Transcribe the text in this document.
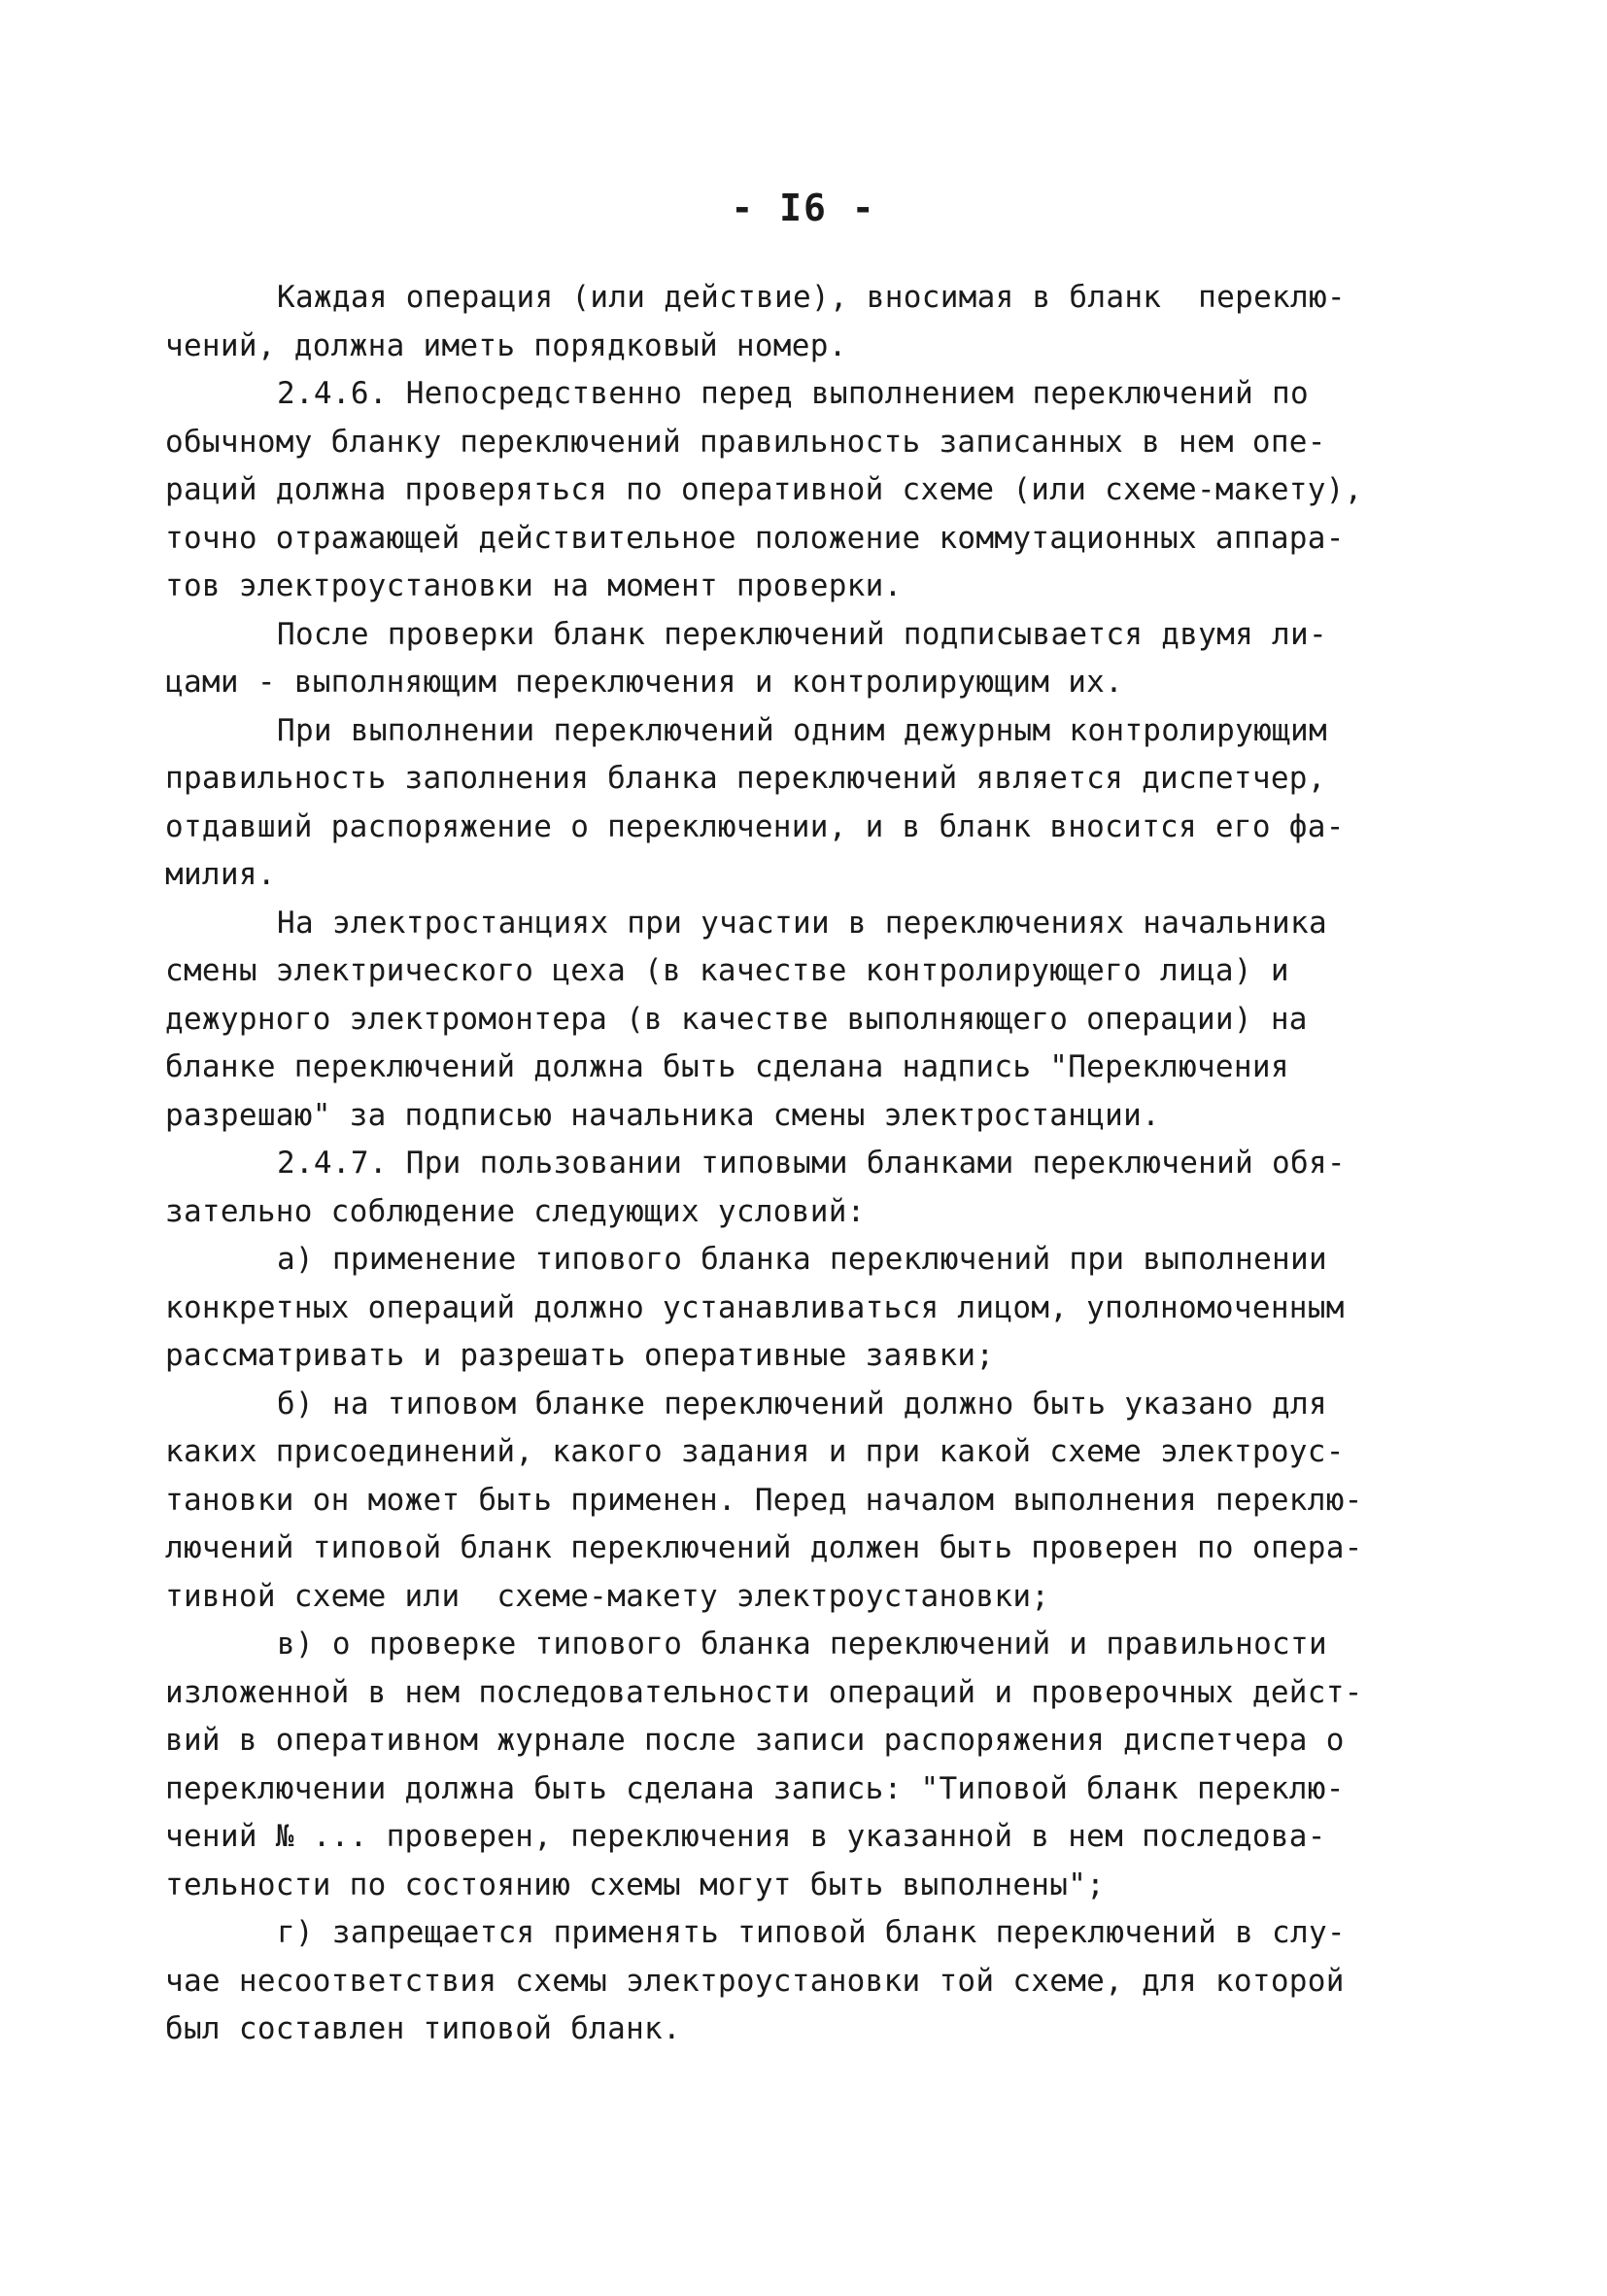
- I6 -
Каждая операция (или действие), вносимая в бланк  переклю-
чений, должна иметь порядковый номер.
2.4.6. Непосредственно перед выполнением переключений по
обычному бланку переключений правильность записанных в нем опе-
раций должна проверяться по оперативной схеме (или схеме-макету),
точно отражающей действительное положение коммутационных аппара-
тов электроустановки на момент проверки.
После проверки бланк переключений подписывается двумя ли-
цами - выполняющим переключения и контролирующим их.
При выполнении переключений одним дежурным контролирующим
правильность заполнения бланка переключений является диспетчер,
отдавший распоряжение о переключении, и в бланк вносится его фа-
милия.
На электростанциях при участии в переключениях начальника
смены электрического цеха (в качестве контролирующего лица) и
дежурного электромонтера (в качестве выполняющего операции) на
бланке переключений должна быть сделана надпись "Переключения
разрешаю" за подписью начальника смены электростанции.
2.4.7. При пользовании типовыми бланками переключений обя-
зательно соблюдение следующих условий:
а) применение типового бланка переключений при выполнении
конкретных операций должно устанавливаться лицом, уполномоченным
рассматривать и разрешать оперативные заявки;
б) на типовом бланке переключений должно быть указано для
каких присоединений, какого задания и при какой схеме электроус-
тановки он может быть применен. Перед началом выполнения переклю-
лючений типовой бланк переключений должен быть проверен по опера-
тивной схеме или  схеме-макету электроустановки;
в) о проверке типового бланка переключений и правильности
изложенной в нем последовательности операций и проверочных дейст-
вий в оперативном журнале после записи распоряжения диспетчера о
переключении должна быть сделана запись: "Типовой бланк переклю-
чений № ... проверен, переключения в указанной в нем последова-
тельности по состоянию схемы могут быть выполнены";
г) запрещается применять типовой бланк переключений в слу-
чае несоответствия схемы электроустановки той схеме, для которой
был составлен типовой бланк.
